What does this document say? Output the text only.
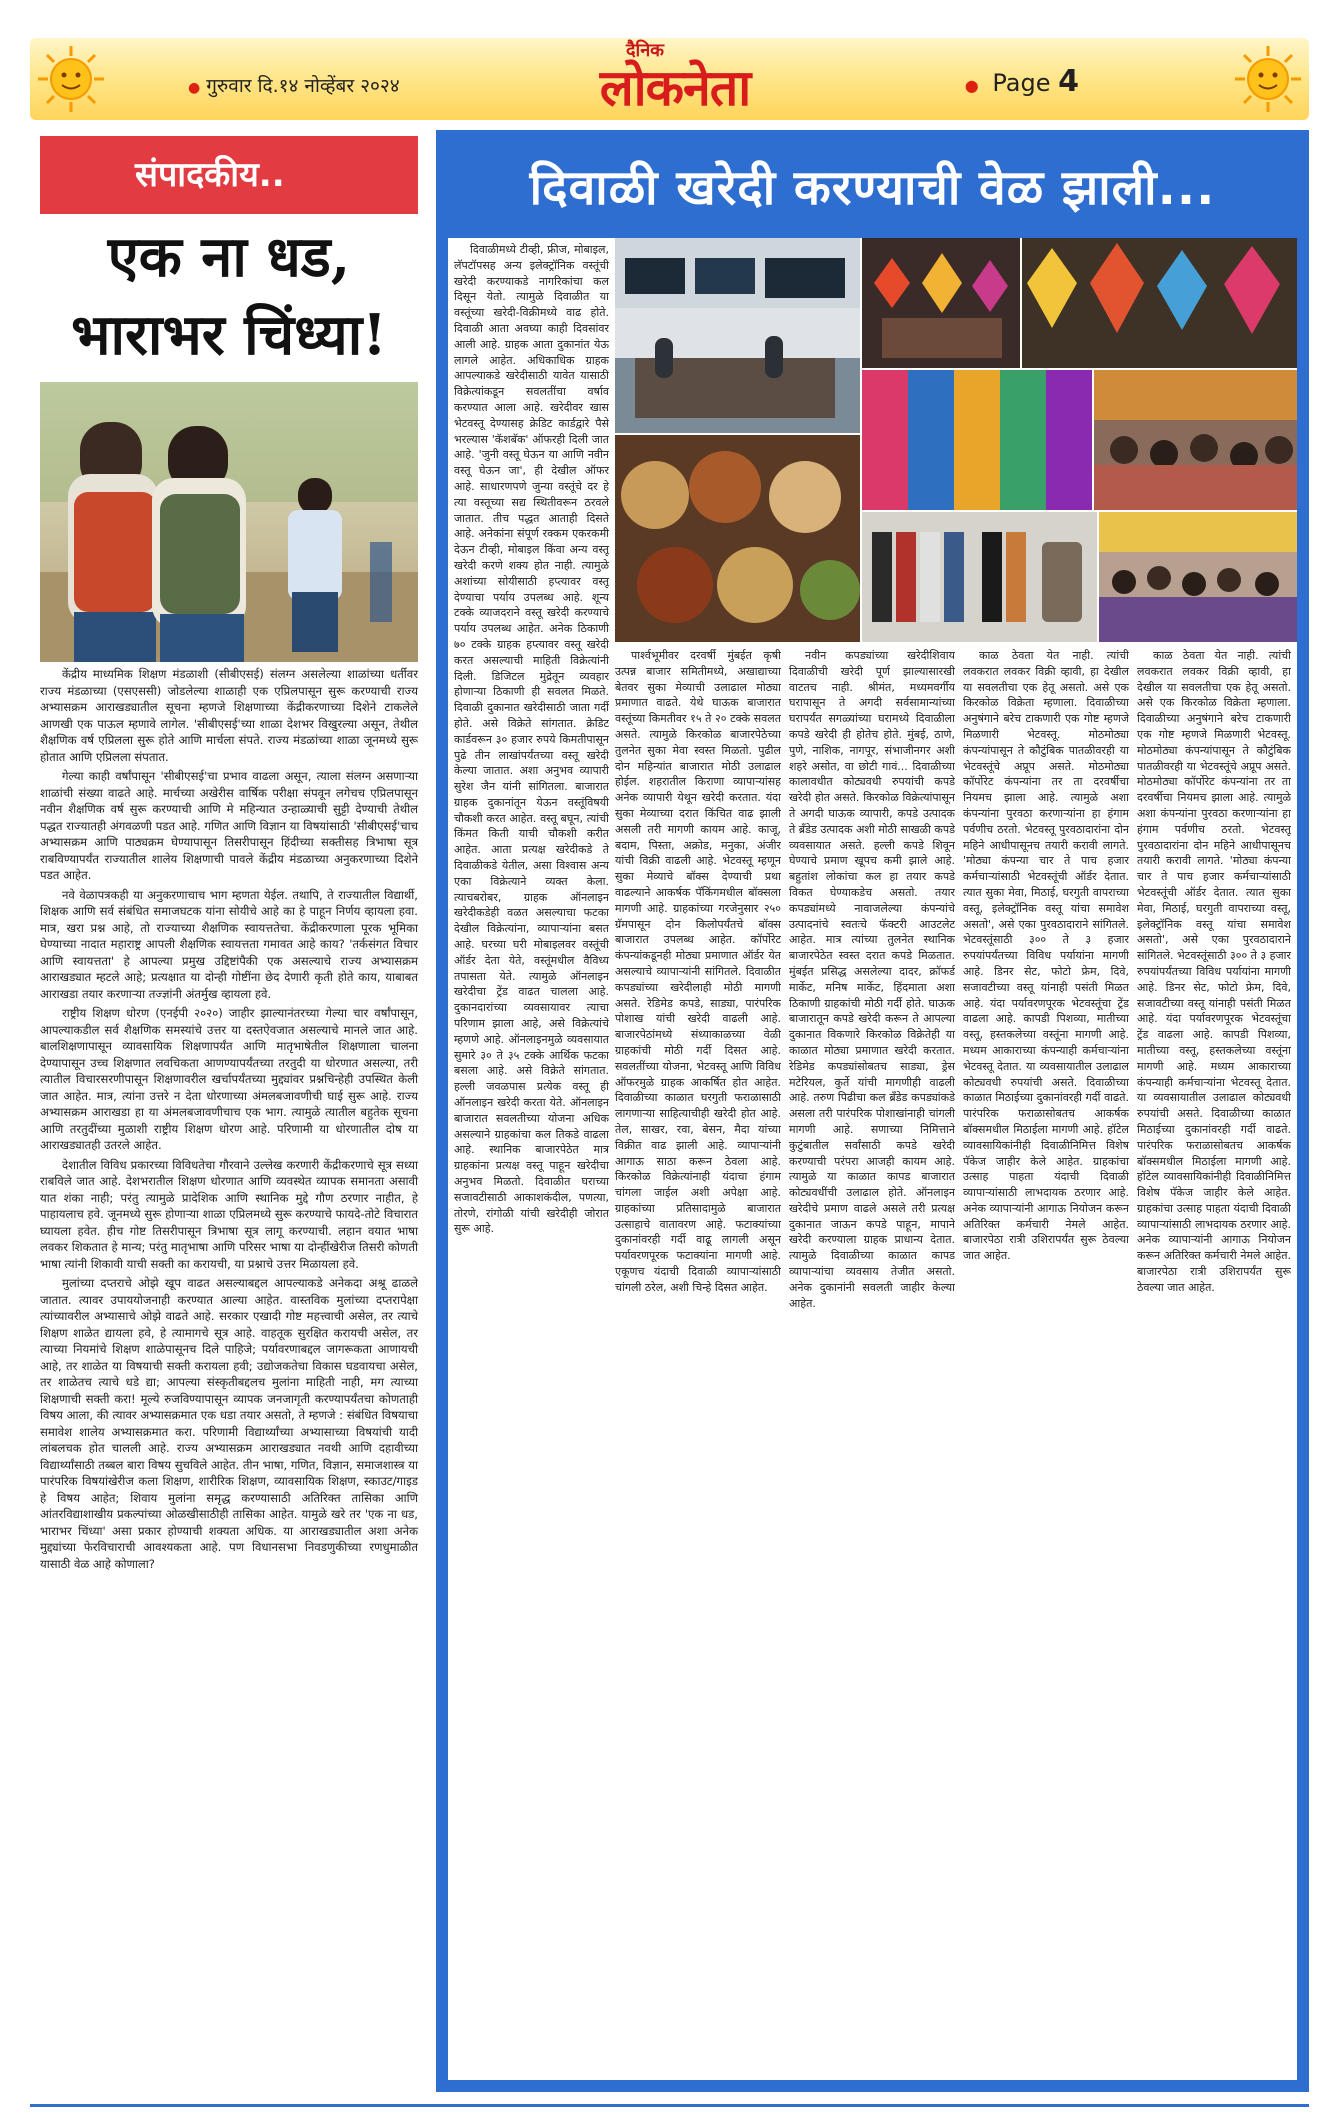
● गुरुवार दि.१४ नोव्हेंबर २०२४
दैनिक
लोकनेता
●	Page 4
संपादकीय..
एक ना धड,
भाराभर चिंध्या!

केंद्रीय माध्यमिक शिक्षण मंडळाशी (सीबीएसई) संलग्न असलेल्या शाळांच्या धर्तीवर राज्य मंडळाच्या (एसएससी) जोडलेल्या शाळाही एक एप्रिलपासून सुरू करण्याची राज्य अभ्यासक्रम आराखड्यातील सूचना म्हणजे शिक्षणाच्या केंद्रीकरणाच्या दिशेने टाकलेले आणखी एक पाऊल म्हणावे लागेल. 'सीबीएसई'च्या शाळा देशभर विखुरल्या असून, तेथील शैक्षणिक वर्ष एप्रिलला सुरू होते आणि मार्चला संपते. राज्य मंडळांच्या शाळा जूनमध्ये सुरू होतात आणि एप्रिलला संपतात.

गेल्या काही वर्षांपासून 'सीबीएसई'चा प्रभाव वाढला असून, त्याला संलग्न असणाऱ्या शाळांची संख्या वाढते आहे. मार्चच्या अखेरीस वार्षिक परीक्षा संपवून लगेचच एप्रिलपासून नवीन शैक्षणिक वर्ष सुरू करण्याची आणि मे महिन्यात उन्हाळ्याची सुट्टी देण्याची तेथील पद्धत राज्यातही अंगवळणी पडत आहे. गणित आणि विज्ञान या विषयांसाठी 'सीबीएसई'चाच अभ्यासक्रम आणि पाठ्यक्रम घेण्यापासून तिसरीपासून हिंदीच्या सक्तीसह त्रिभाषा सूत्र राबविण्यापर्यंत राज्यातील शालेय शिक्षणाची पावले केंद्रीय मंडळाच्या अनुकरणाच्या दिशेने पडत आहेत.

नवे वेळापत्रकही या अनुकरणाचाच भाग म्हणता येईल. तथापि, ते राज्यातील विद्यार्थी, शिक्षक आणि सर्व संबंधित समाजघटक यांना सोयीचे आहे का हे पाहून निर्णय व्हायला हवा. मात्र, खरा प्रश्न आहे, तो राज्याच्या शैक्षणिक स्वायत्ततेचा. केंद्रीकरणाला पूरक भूमिका घेण्याच्या नादात महाराष्ट्र आपली शैक्षणिक स्वायत्तता गमावत आहे काय? 'तर्कसंगत विचार आणि स्वायत्तता' हे आपल्या प्रमुख उद्दिष्टांपैकी एक असल्याचे राज्य अभ्यासक्रम आराखड्यात म्हटले आहे; प्रत्यक्षात या दोन्ही गोष्टींना छेद देणारी कृती होते काय, याबाबत आराखडा तयार करणाऱ्या तज्ज्ञांनी अंतर्मुख व्हायला हवे.

राष्ट्रीय शिक्षण धोरण (एनईपी २०२०) जाहीर झाल्यानंतरच्या गेल्या चार वर्षांपासून, आपल्याकडील सर्व शैक्षणिक समस्यांचे उत्तर या दस्तऐवजात असल्याचे मानले जात आहे. बालशिक्षणापासून व्यावसायिक शिक्षणापर्यंत आणि मातृभाषेतील शिक्षणाला चालना देण्यापासून उच्च शिक्षणात लवचिकता आणण्यापर्यंतच्या तरतुदी या धोरणात असल्या, तरी त्यातील विचारसरणीपासून शिक्षणावरील खर्चापर्यंतच्या मुद्द्यांवर प्रश्नचिन्हेही उपस्थित केली जात आहेत. मात्र, त्यांना उत्तरे न देता धोरणाच्या अंमलबजावणीची घाई सुरू आहे. राज्य अभ्यासक्रम आराखडा हा या अंमलबजावणीचाच एक भाग. त्यामुळे त्यातील बहुतेक सूचना आणि तरतुदींच्या मुळाशी राष्ट्रीय शिक्षण धोरण आहे. परिणामी या धोरणातील दोष या आराखड्यातही उतरले आहेत.

देशातील विविध प्रकारच्या विविधतेचा गौरवाने उल्लेख करणारी केंद्रीकरणाचे सूत्र सध्या राबविले जात आहे. देशभरातील शिक्षण धोरणात आणि व्यवस्थेत व्यापक समानता असावी यात शंका नाही; परंतु त्यामुळे प्रादेशिक आणि स्थानिक मुद्दे गौण ठरणार नाहीत, हे पाहायलाच हवे. जूनमध्ये सुरू होणाऱ्या शाळा एप्रिलमध्ये सुरू करण्याचे फायदे-तोटे विचारात घ्यायला हवेत. हीच गोष्ट तिसरीपासून त्रिभाषा सूत्र लागू करण्याची. लहान वयात भाषा लवकर शिकतात हे मान्य; परंतु मातृभाषा आणि परिसर भाषा या दोन्हींखेरीज तिसरी कोणती भाषा त्यांनी शिकावी याची सक्ती का करायची, या प्रश्नाचे उत्तर मिळायला हवे.

मुलांच्या दप्तराचे ओझे खूप वाढत असल्याबद्दल आपल्याकडे अनेकदा अश्रू ढाळले जातात. त्यावर उपाययोजनाही करण्यात आल्या आहेत. वास्तविक मुलांच्या दप्तरापेक्षा त्यांच्यावरील अभ्यासाचे ओझे वाढते आहे. सरकार एखादी गोष्ट महत्त्वाची असेल, तर त्याचे शिक्षण शाळेत द्यायला हवे, हे त्यामागचे सूत्र आहे. वाहतूक सुरक्षित करायची असेल, तर त्याच्या नियमांचे शिक्षण शाळेपासूनच दिले पाहिजे; पर्यावरणाबद्दल जागरूकता आणायची आहे, तर शाळेत या विषयाची सक्ती करायला हवी; उद्योजकतेचा विकास घडवायचा असेल, तर शाळेतच त्याचे धडे द्या; आपल्या संस्कृतीबद्दलच मुलांना माहिती नाही, मग त्याच्या शिक्षणाची सक्ती करा! मूल्ये रुजविण्यापासून व्यापक जनजागृती करण्यापर्यंतचा कोणताही विषय आला, की त्यावर अभ्यासक्रमात एक धडा तयार असतो, ते म्हणजे : संबंधित विषयाचा समावेश शालेय अभ्यासक्रमात करा. परिणामी विद्यार्थ्यांच्या अभ्यासाच्या विषयांची यादी लांबलचक होत चालली आहे. राज्य अभ्यासक्रम आराखड्यात नवथी आणि दहावीच्या विद्यार्थ्यांसाठी तब्बल बारा विषय सुचविले आहेत. तीन भाषा, गणित, विज्ञान, समाजशास्त्र या पारंपरिक विषयांखेरीज कला शिक्षण, शारीरिक शिक्षण, व्यावसायिक शिक्षण, स्काउट/गाइड हे विषय आहेत; शिवाय मुलांना समृद्ध करण्यासाठी अतिरिक्त तासिका आणि आंतरविद्याशाखीय प्रकल्पांच्या ओळखीसाठीही तासिका आहेत. यामुळे खरे तर 'एक ना धड, भाराभर चिंध्या' असा प्रकार होण्याची शक्यता अधिक. या आराखड्यातील अशा अनेक मुद्द्यांच्या फेरविचाराची आवश्यकता आहे. पण विधानसभा निवडणुकीच्या रणधुमाळीत यासाठी वेळ आहे कोणाला?

दिवाळी खरेदी करण्याची वेळ झाली...

दिवाळीमध्ये टीव्ही, फ्रीज, मोबाइल, लॅपटॉपसह अन्य इलेक्ट्रॉनिक वस्तूंची खरेदी करण्याकडे नागरिकांचा कल दिसून येतो. त्यामुळे दिवाळीत या वस्तूंच्या खरेदी-विक्रीमध्ये वाढ होते. दिवाळी आता अवघ्या काही दिवसांवर आली आहे. ग्राहक आता दुकानांत येऊ लागले आहेत. अधिकाधिक ग्राहक आपल्याकडे खरेदीसाठी यावेत यासाठी विक्रेत्यांकडून सवलतींचा वर्षाव करण्यात आला आहे. खरेदीवर खास भेटवस्तू देण्यासह क्रेडिट कार्डद्वारे पैसे भरल्यास 'कॅशबॅक' ऑफरही दिली जात आहे. 'जुनी वस्तू घेऊन या आणि नवीन वस्तू घेऊन जा', ही देखील ऑफर आहे. साधारणपणे जुन्या वस्तूंचे दर हे त्या वस्तूच्या सद्य स्थितीवरून ठरवले जातात. तीच पद्धत आताही दिसते आहे. अनेकांना संपूर्ण रक्कम एकरकमी देऊन टीव्ही, मोबाइल किंवा अन्य वस्तू खरेदी करणे शक्य होत नाही. त्यामुळे अशांच्या सोयीसाठी हप्त्यावर वस्तू देण्याचा पर्याय उपलब्ध आहे. शून्य टक्के व्याजदराने वस्तू खरेदी करण्याचे पर्याय उपलब्ध आहेत. अनेक ठिकाणी ७० टक्के ग्राहक हप्त्यावर वस्तू खरेदी करत असल्याची माहिती विक्रेत्यांनी दिली. डिजिटल मुद्रेतून व्यवहार होणाऱ्या ठिकाणी ही सवलत मिळते. दिवाळी दुकानात खरेदीसाठी जाता गर्दी होते. असे विक्रेते सांगतात. क्रेडिट कार्डवरून ३० हजार रुपये किमतीपासून पुढे तीन लाखांपर्यंतच्या वस्तू खरेदी केल्या जातात. अशा अनुभव व्यापारी सुरेश जैन यांनी सांगितला. बाजारात ग्राहक दुकानांतून येऊन वस्तूंविषयी चौकशी करत आहेत. वस्तू बघून, त्यांची किंमत किती याची चौकशी करीत आहेत. आता प्रत्यक्ष खरेदीकडे ते दिवाळीकडे येतील, असा विश्वास अन्य एका विक्रेत्याने व्यक्त केला. त्याचबरोबर, ग्राहक ऑनलाइन खरेदीकडेही वळत असल्याचा फटका देखील विक्रेत्यांना, व्यापाऱ्यांना बसत आहे. घरच्या घरी मोबाइलवर वस्तूंची ऑर्डर देता येते, वस्तूंमधील वैविध्य तपासता येते. त्यामुळे ऑनलाइन खरेदीचा ट्रेंड वाढत चालला आहे. दुकानदारांच्या व्यवसायावर त्याचा परिणाम झाला आहे, असे विक्रेत्यांचे म्हणणे आहे. ऑनलाइनमुळे व्यवसायात सुमारे ३० ते ३५ टक्के आर्थिक फटका बसला आहे. असे विक्रेते सांगतात. हल्ली जवळपास प्रत्येक वस्तू ही ऑनलाइन खरेदी करता येते. ऑनलाइन बाजारात सवलतीच्या योजना अधिक असल्याने ग्राहकांचा कल तिकडे वाढला आहे. स्थानिक बाजारपेठेत मात्र ग्राहकांना प्रत्यक्ष वस्तू पाहून खरेदीचा अनुभव मिळतो. दिवाळीत घराच्या सजावटीसाठी आकाशकंदील, पणत्या, तोरणे, रांगोळी यांची खरेदीही जोरात सुरू आहे.

पार्श्वभूमीवर दरवर्षी मुंबईत कृषी उत्पन्न बाजार समितीमध्ये, अखाद्याच्या बेतवर सुका मेव्याची उलाढाल मोठ्या प्रमाणात वाढते. येथे घाऊक बाजारात वस्तूंच्या किमतीवर १५ ते २० टक्के सवलत असते. त्यामुळे किरकोळ बाजारपेठेच्या तुलनेत सुका मेवा स्वस्त मिळतो. पुढील दोन महिन्यांत बाजारात मोठी उलाढाल होईल. शहरातील किराणा व्यापाऱ्यांसह अनेक व्यापारी येथून खरेदी करतात. यंदा सुका मेव्याच्या दरात किंचित वाढ झाली असली तरी मागणी कायम आहे. काजू, बदाम, पिस्ता, अक्रोड, मनुका, अंजीर यांची विक्री वाढली आहे. भेटवस्तू म्हणून सुका मेव्याचे बॉक्स देण्याची प्रथा वाढल्याने आकर्षक पॅकिंगमधील बॉक्सला मागणी आहे. ग्राहकांच्या गरजेनुसार २५० ग्रॅमपासून दोन किलोपर्यंतचे बॉक्स बाजारात उपलब्ध आहेत. कॉर्पोरेट कंपन्यांकडूनही मोठ्या प्रमाणात ऑर्डर येत असल्याचे व्यापाऱ्यांनी सांगितले. दिवाळीत कपड्यांच्या खरेदीलाही मोठी मागणी असते. रेडिमेड कपडे, साड्या, पारंपरिक पोशाख यांची खरेदी वाढली आहे. बाजारपेठांमध्ये संध्याकाळच्या वेळी ग्राहकांची मोठी गर्दी दिसत आहे. सवलतींच्या योजना, भेटवस्तू आणि विविध ऑफरमुळे ग्राहक आकर्षित होत आहेत. दिवाळीच्या काळात घरगुती फराळासाठी लागणाऱ्या साहित्याचीही खरेदी होत आहे. तेल, साखर, रवा, बेसन, मैदा यांच्या विक्रीत वाढ झाली आहे. व्यापाऱ्यांनी आगाऊ साठा करून ठेवला आहे. किरकोळ विक्रेत्यांनाही यंदाचा हंगाम चांगला जाईल अशी अपेक्षा आहे. ग्राहकांच्या प्रतिसादामुळे बाजारात उत्साहाचे वातावरण आहे. फटाक्यांच्या दुकानांवरही गर्दी वाढू लागली असून पर्यावरणपूरक फटाक्यांना मागणी आहे. एकूणच यंदाची दिवाळी व्यापाऱ्यांसाठी चांगली ठरेल, अशी चिन्हे दिसत आहेत.

नवीन कपड्यांच्या खरेदीशिवाय दिवाळीची खरेदी पूर्ण झाल्यासारखी वाटतच नाही. श्रीमंत, मध्यमवर्गीय घरापासून ते अगदी सर्वसामान्यांच्या घरापर्यंत सगळ्यांच्या घरामध्ये दिवाळीला कपडे खरेदी ही होतेच होते. मुंबई, ठाणे, पुणे, नाशिक, नागपूर, संभाजीनगर अशी शहरे असोत, वा छोटी गावं... दिवाळीच्या कालावधीत कोट्यवधी रुपयांची कपडे खरेदी होत असते. किरकोळ विक्रेत्यांपासून ते अगदी घाऊक व्यापारी, कपडे उत्पादक ते ब्रँडेड उत्पादक अशी मोठी साखळी कपडे व्यवसायात असते. हल्ली कपडे शिवून घेण्याचे प्रमाण खूपच कमी झाले आहे. बहुतांश लोकांचा कल हा तयार कपडे विकत घेण्याकडेच असतो. तयार कपड्यांमध्ये नावाजलेल्या कंपन्यांचे उत्पादनांचे स्वतःचे फॅक्टरी आउटलेट आहेत. मात्र त्यांच्या तुलनेत स्थानिक बाजारपेठेत स्वस्त दरात कपडे मिळतात. मुंबईत प्रसिद्ध असलेल्या दादर, क्रॉफर्ड मार्केट, मनिष मार्केट, हिंदमाता अशा ठिकाणी ग्राहकांची मोठी गर्दी होते. घाऊक बाजारातून कपडे खरेदी करून ते आपल्या दुकानात विकणारे किरकोळ विक्रेतेही या काळात मोठ्या प्रमाणात खरेदी करतात. रेडिमेड कपड्यांसोबतच साड्या, ड्रेस मटेरियल, कुर्ते यांची मागणीही वाढली आहे. तरुण पिढीचा कल ब्रँडेड कपड्यांकडे असला तरी पारंपरिक पोशाखांनाही चांगली मागणी आहे. सणाच्या निमित्ताने कुटुंबातील सर्वांसाठी कपडे खरेदी करण्याची परंपरा आजही कायम आहे. त्यामुळे या काळात कापड बाजारात कोट्यवधींची उलाढाल होते. ऑनलाइन खरेदीचे प्रमाण वाढले असले तरी प्रत्यक्ष दुकानात जाऊन कपडे पाहून, मापाने खरेदी करण्याला ग्राहक प्राधान्य देतात. त्यामुळे दिवाळीच्या काळात कापड व्यापाऱ्यांचा व्यवसाय तेजीत असतो. अनेक दुकानांनी सवलती जाहीर केल्या आहेत.

काळ ठेवता येत नाही. त्यांची लवकरात लवकर विक्री व्हावी, हा देखील या सवलतीचा एक हेतू असतो. असे एक किरकोळ विक्रेता म्हणाला. दिवाळीच्या अनुषंगाने बरेच टाकणारी एक गोष्ट म्हणजे मिळणारी भेटवस्तू. मोठमोठ्या कंपन्यांपासून ते कौटुंबिक पातळीवरही या भेटवस्तूंचे अप्रूप असते. मोठमोठ्या कॉर्पोरेट कंपन्यांना तर ता दरवर्षीचा नियमच झाला आहे. त्यामुळे अशा कंपन्यांना पुरवठा करणाऱ्यांना हा हंगाम पर्वणीच ठरतो. भेटवस्तू पुरवठादारांना दोन महिने आधीपासूनच तयारी करावी लागते. 'मोठ्या कंपन्या चार ते पाच हजार कर्मचाऱ्यांसाठी भेटवस्तूंची ऑर्डर देतात. त्यात सुका मेवा, मिठाई, घरगुती वापराच्या वस्तू, इलेक्ट्रॉनिक वस्तू यांचा समावेश असतो', असे एका पुरवठादाराने सांगितले. भेटवस्तूंसाठी ३०० ते ३ हजार रुपयांपर्यंतच्या विविध पर्यायांना मागणी आहे. डिनर सेट, फोटो फ्रेम, दिवे, सजावटीच्या वस्तू यांनाही पसंती मिळत आहे. यंदा पर्यावरणपूरक भेटवस्तूंचा ट्रेंड वाढला आहे. कापडी पिशव्या, मातीच्या वस्तू, हस्तकलेच्या वस्तूंना मागणी आहे. मध्यम आकाराच्या कंपन्याही कर्मचाऱ्यांना भेटवस्तू देतात. या व्यवसायातील उलाढाल कोट्यवधी रुपयांची असते. दिवाळीच्या काळात मिठाईच्या दुकानांवरही गर्दी वाढते. पारंपरिक फराळासोबतच आकर्षक बॉक्समधील मिठाईला मागणी आहे. हॉटेल व्यावसायिकांनीही दिवाळीनिमित्त विशेष पॅकेज जाहीर केले आहेत. ग्राहकांचा उत्साह पाहता यंदाची दिवाळी व्यापाऱ्यांसाठी लाभदायक ठरणार आहे. अनेक व्यापाऱ्यांनी आगाऊ नियोजन करून अतिरिक्त कर्मचारी नेमले आहेत. बाजारपेठा रात्री उशिरापर्यंत सुरू ठेवल्या जात आहेत.

काळ ठेवता येत नाही. त्यांची लवकरात लवकर विक्री व्हावी, हा देखील या सवलतीचा एक हेतू असतो. असे एक किरकोळ विक्रेता म्हणाला. दिवाळीच्या अनुषंगाने बरेच टाकणारी एक गोष्ट म्हणजे मिळणारी भेटवस्तू. मोठमोठ्या कंपन्यांपासून ते कौटुंबिक पातळीवरही या भेटवस्तूंचे अप्रूप असते. मोठमोठ्या कॉर्पोरेट कंपन्यांना तर ता दरवर्षीचा नियमच झाला आहे. त्यामुळे अशा कंपन्यांना पुरवठा करणाऱ्यांना हा हंगाम पर्वणीच ठरतो. भेटवस्तू पुरवठादारांना दोन महिने आधीपासूनच तयारी करावी लागते. 'मोठ्या कंपन्या चार ते पाच हजार कर्मचाऱ्यांसाठी भेटवस्तूंची ऑर्डर देतात. त्यात सुका मेवा, मिठाई, घरगुती वापराच्या वस्तू, इलेक्ट्रॉनिक वस्तू यांचा समावेश असतो', असे एका पुरवठादाराने सांगितले. भेटवस्तूंसाठी ३०० ते ३ हजार रुपयांपर्यंतच्या विविध पर्यायांना मागणी आहे. डिनर सेट, फोटो फ्रेम, दिवे, सजावटीच्या वस्तू यांनाही पसंती मिळत आहे. यंदा पर्यावरणपूरक भेटवस्तूंचा ट्रेंड वाढला आहे. कापडी पिशव्या, मातीच्या वस्तू, हस्तकलेच्या वस्तूंना मागणी आहे. मध्यम आकाराच्या कंपन्याही कर्मचाऱ्यांना भेटवस्तू देतात. या व्यवसायातील उलाढाल कोट्यवधी रुपयांची असते. दिवाळीच्या काळात मिठाईच्या दुकानांवरही गर्दी वाढते. पारंपरिक फराळासोबतच आकर्षक बॉक्समधील मिठाईला मागणी आहे. हॉटेल व्यावसायिकांनीही दिवाळीनिमित्त विशेष पॅकेज जाहीर केले आहेत. ग्राहकांचा उत्साह पाहता यंदाची दिवाळी व्यापाऱ्यांसाठी लाभदायक ठरणार आहे. अनेक व्यापाऱ्यांनी आगाऊ नियोजन करून अतिरिक्त कर्मचारी नेमले आहेत. बाजारपेठा रात्री उशिरापर्यंत सुरू ठेवल्या जात आहेत.
